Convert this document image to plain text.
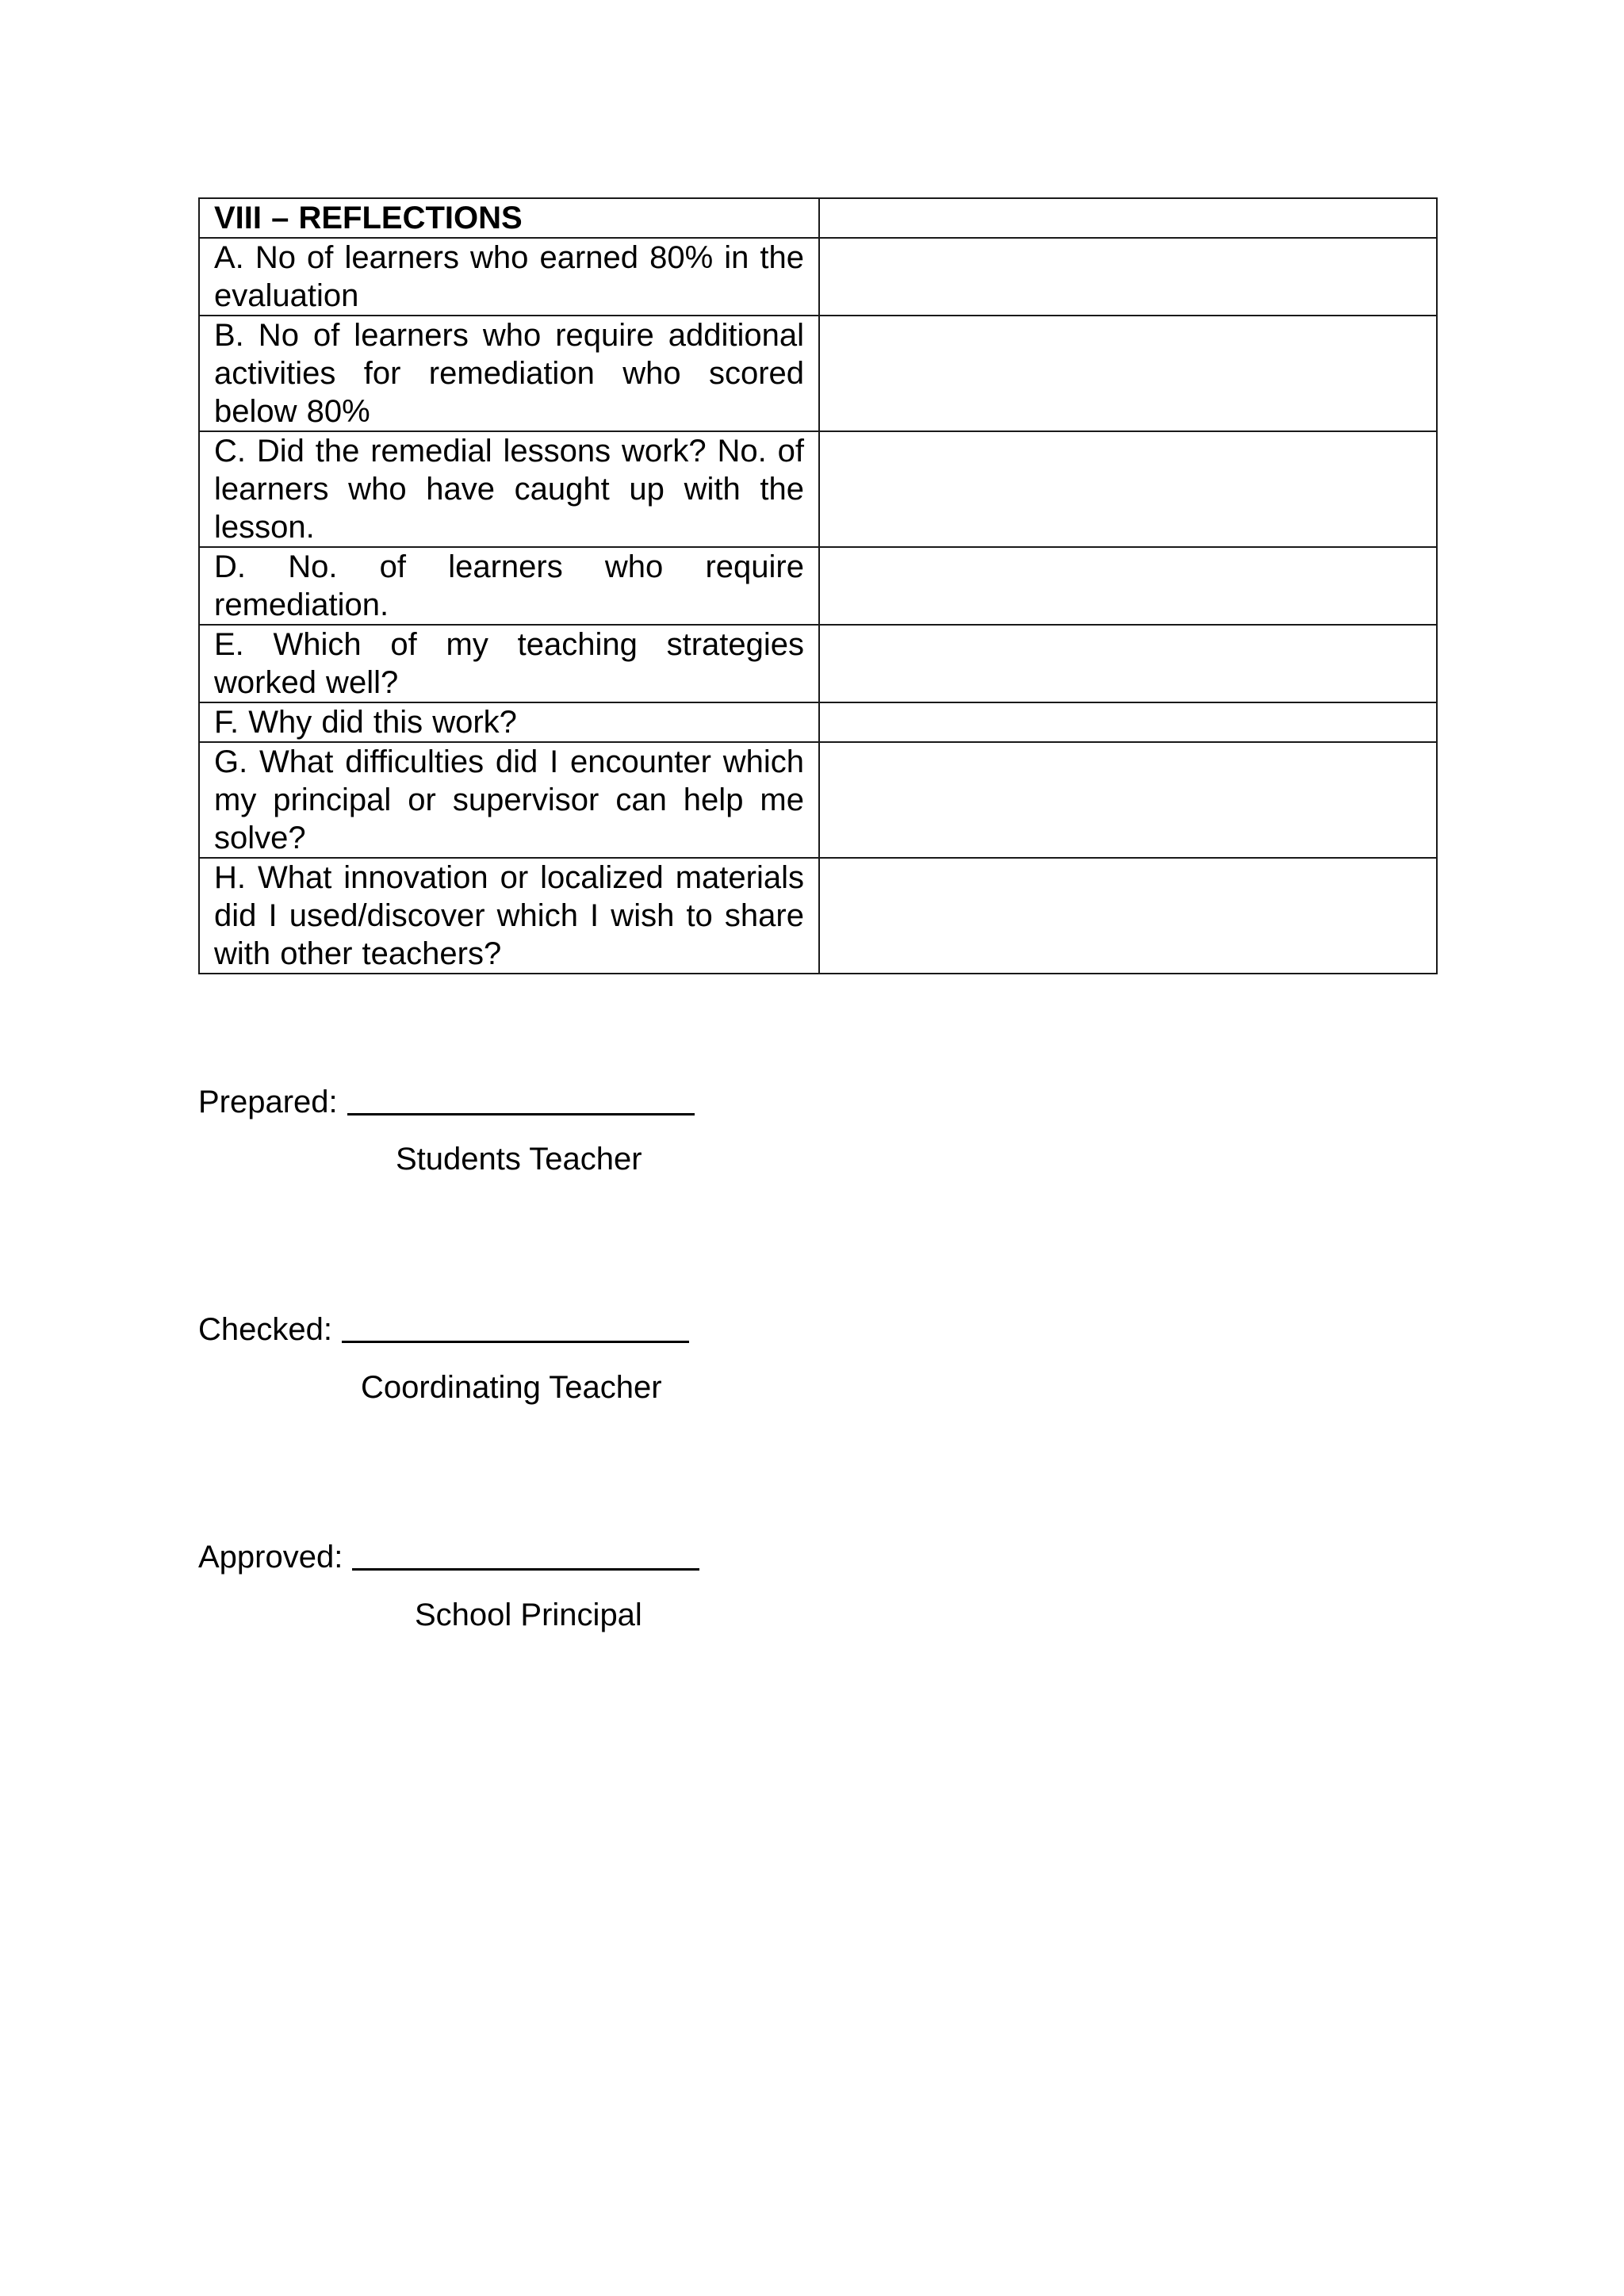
VIII – REFLECTIONS	
A. No of learners who earned 80% in the evaluation	
B. No of learners who require additional activities for remediation who scored below 80%	
C. Did the remedial lessons work? No. of learners who have caught up with the lesson.	
D. No. of learners who require remediation.	
E. Which of my teaching strategies worked well?	
F. Why did this work?	
G. What difficulties did I encounter which my principal or supervisor can help me solve?	
H. What innovation or localized materials did I used/discover which I wish to share with other teachers?	
Prepared:
Students Teacher
Checked:
Coordinating Teacher
Approved:
School Principal
